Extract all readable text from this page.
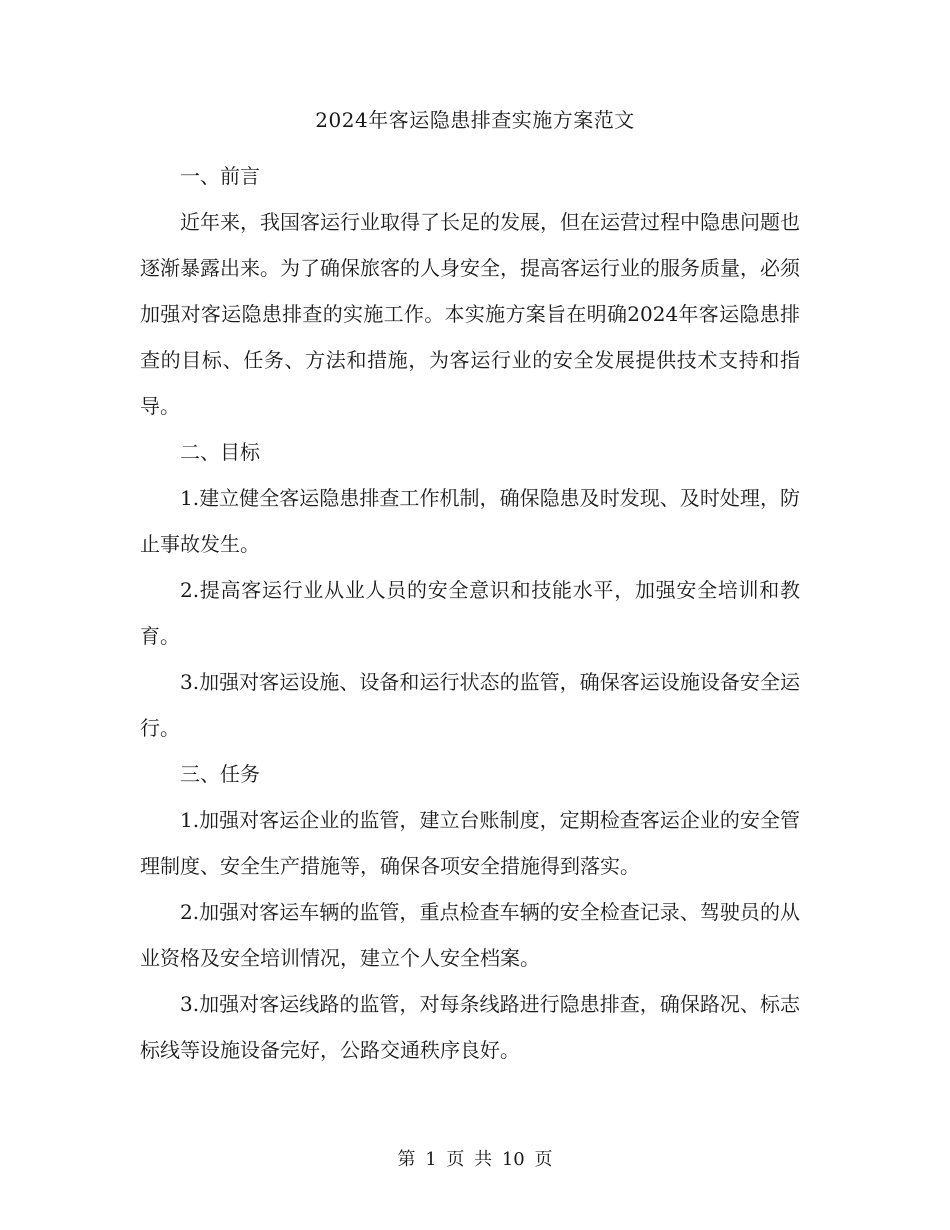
2024年客运隐患排查实施方案范文

一、前言

近年来，我国客运行业取得了长足的发展，但在运营过程中隐患问题也逐渐暴露出来。为了确保旅客的人身安全，提高客运行业的服务质量，必须加强对客运隐患排查的实施工作。本实施方案旨在明确2024年客运隐患排查的目标、任务、方法和措施，为客运行业的安全发展提供技术支持和指导。

二、目标

1.建立健全客运隐患排查工作机制，确保隐患及时发现、及时处理，防止事故发生。

2.提高客运行业从业人员的安全意识和技能水平，加强安全培训和教育。

3.加强对客运设施、设备和运行状态的监管，确保客运设施设备安全运行。

三、任务

1.加强对客运企业的监管，建立台账制度，定期检查客运企业的安全管理制度、安全生产措施等，确保各项安全措施得到落实。

2.加强对客运车辆的监管，重点检查车辆的安全检查记录、驾驶员的从业资格及安全培训情况，建立个人安全档案。

3.加强对客运线路的监管，对每条线路进行隐患排查，确保路况、标志标线等设施设备完好，公路交通秩序良好。

第 1 页 共 10 页
